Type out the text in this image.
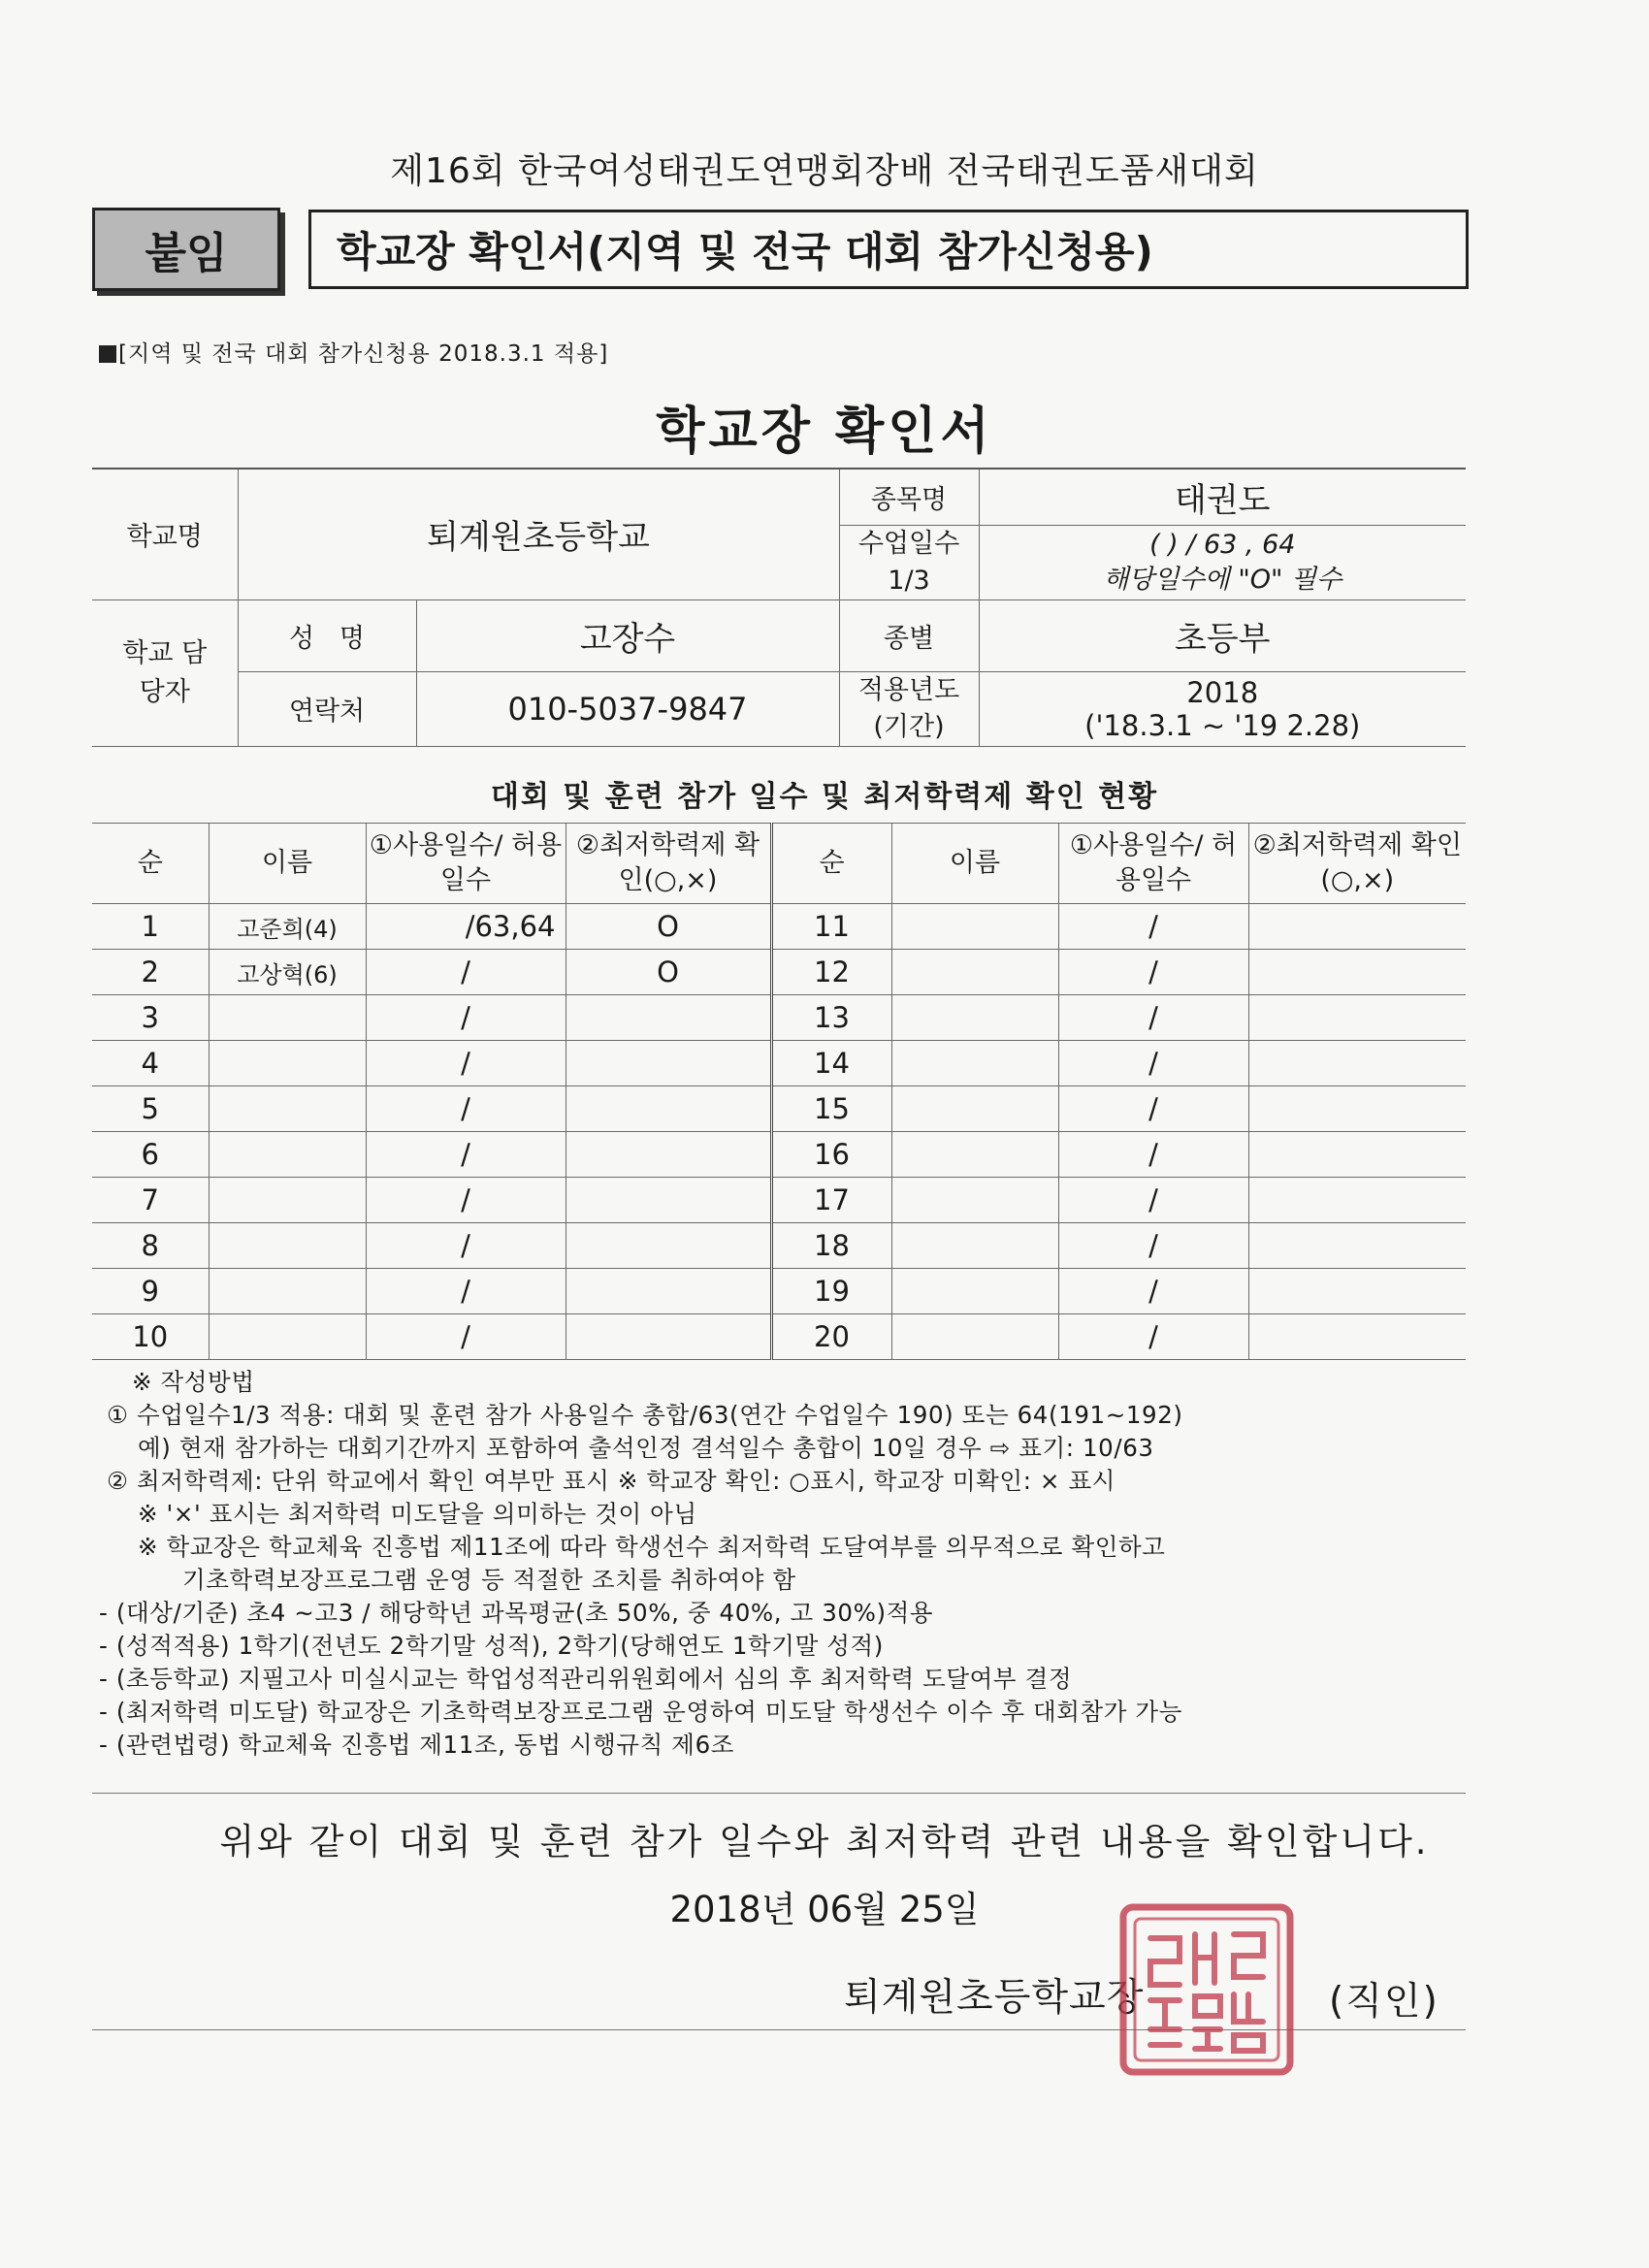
제16회 한국여성태권도연맹회장배 전국태권도품새대회
붙임	학교장 확인서(지역 및 전국 대회 참가신청용)
[지역 및 전국 대회 참가신청용 2018.3.1 적용]
학교장 확인서
학교명	퇴계원초등학교		종목명	태권도
			수업일수 1/3	( ) / 63 , 64
해당일수에 "O" 필수

학교 담당자	성   명	고장수	종별	초등부
	연락처	010-5037-9847	적용년도 (기간)	2018
('18.3.1 ~ '19 2.28)
대회 및 훈련 참가 일수 및 최저학력제 확인 현황
순	이름	①사용일수/ 허용일수	②최저학력제 확인(○,×)	순	이름	①사용일수/ 허용일수	②최저학력제 확인(○,×)
1	고준희(4)	/63,64	O	11		/	
2	고상혁(6)	/	O	12		/	
3		/		13		/	
4		/		14		/	
5		/		15		/	
6		/		16		/	
7		/		17		/	
8		/		18		/	
9		/		19		/	
10		/		20		/	
※ 작성방법
① 수업일수1/3 적용: 대회 및 훈련 참가 사용일수 총합/63(연간 수업일수 190) 또는 64(191~192)
예) 현재 참가하는 대회기간까지 포함하여 출석인정 결석일수 총합이 10일 경우 ⇨ 표기: 10/63
② 최저학력제: 단위 학교에서 확인 여부만 표시 ※ 학교장 확인: ○표시, 학교장 미확인: × 표시
※ '×' 표시는 최저학력 미도달을 의미하는 것이 아님
※ 학교장은 학교체육 진흥법 제11조에 따라 학생선수 최저학력 도달여부를 의무적으로 확인하고
기초학력보장프로그램 운영 등 적절한 조치를 취하여야 함
- (대상/기준) 초4 ~고3 / 해당학년 과목평균(초 50%, 중 40%, 고 30%)적용
- (성적적용) 1학기(전년도 2학기말 성적), 2학기(당해연도 1학기말 성적)
- (초등학교) 지필고사 미실시교는 학업성적관리위원회에서 심의 후 최저학력 도달여부 결정
- (최저학력 미도달) 학교장은 기초학력보장프로그램 운영하여 미도달 학생선수 이수 후 대회참가 가능
- (관련법령) 학교체육 진흥법 제11조, 동법 시행규칙 제6조
위와 같이 대회 및 훈련 참가 일수와 최저학력 관련 내용을 확인합니다.
2018년 06월 25일
퇴계원초등학교장	(직인)
